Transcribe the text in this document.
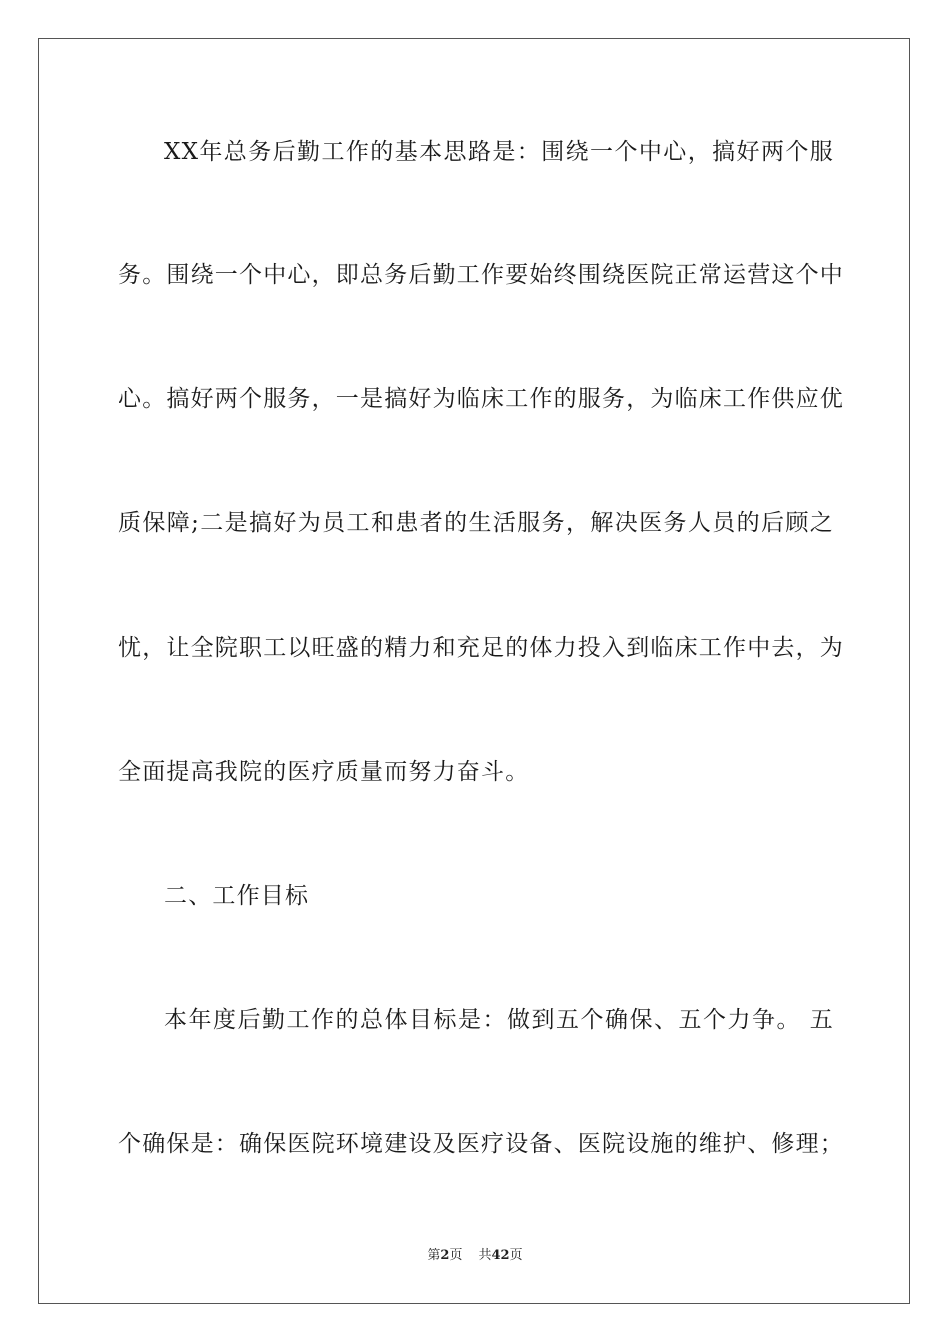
XX年总务后勤工作的基本思路是：围绕一个中心，搞好两个服
务。围绕一个中心，即总务后勤工作要始终围绕医院正常运营这个中
心。搞好两个服务，一是搞好为临床工作的服务，为临床工作供应优
质保障;二是搞好为员工和患者的生活服务，解决医务人员的后顾之
忧，让全院职工以旺盛的精力和充足的体力投入到临床工作中去，为
全面提高我院的医疗质量而努力奋斗。
二、工作目标
本年度后勤工作的总体目标是：做到五个确保、五个力争。 五
个确保是：确保医院环境建设及医疗设备、医院设施的维护、修理；
第2页 共42页
